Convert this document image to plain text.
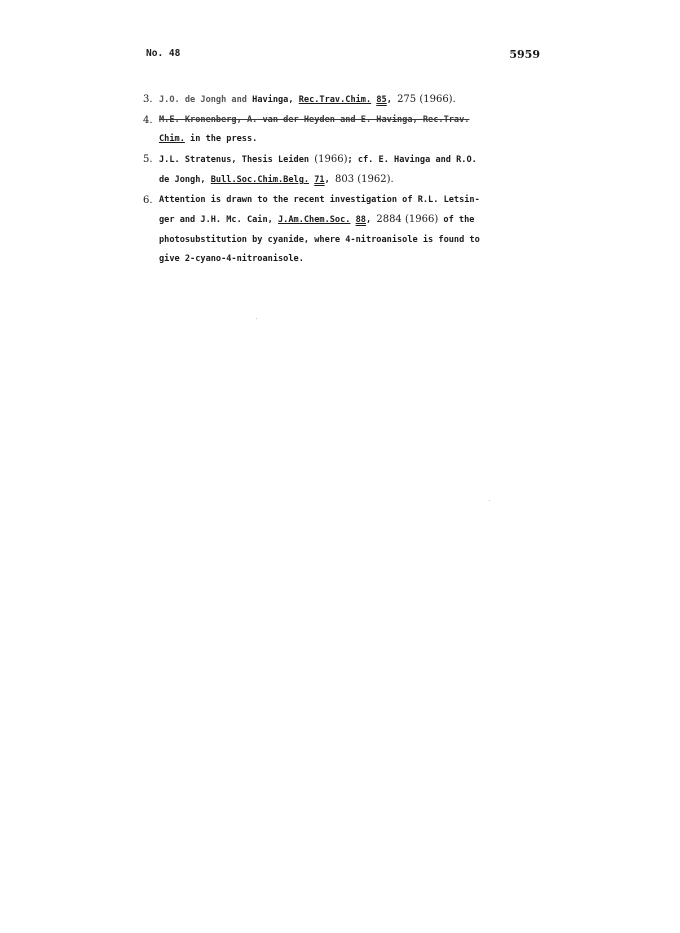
No. 48	5959
3. J.O. de Jongh and Havinga, Rec.Trav.Chim. 85, 275 (1966).
4. M.E. Kronenberg, A. van der Heyden and E. Havinga, Rec.Trav.
Chim. in the press.
5. J.L. Stratenus, Thesis Leiden (1966); cf. E. Havinga and R.O.
de Jongh, Bull.Soc.Chim.Belg. 71, 803 (1962).
6. Attention is drawn to the recent investigation of R.L. Letsin-
ger and J.H. Mc. Cain, J.Am.Chem.Soc. 88, 2884 (1966) of the
photosubstitution by cyanide, where 4-nitroanisole is found to
give 2-cyano-4-nitroanisole.
